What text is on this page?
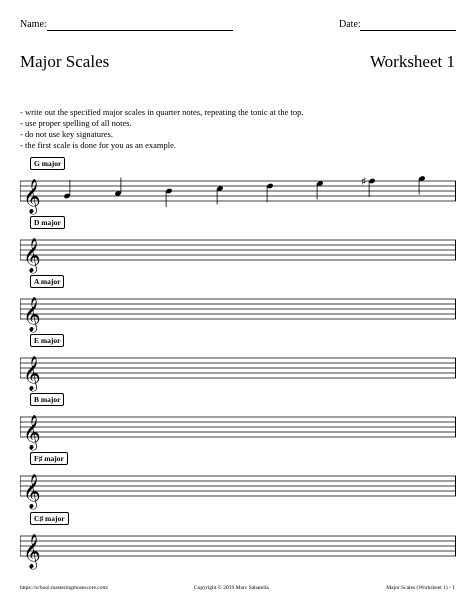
Name:	Date:
Major Scales	Worksheet 1
- write out the specified major scales in quarter notes, repeating the tonic at the top.
- use proper spelling of all notes.
- do not use key signatures.
- the first scale is done for you as an example.
G major
𝄞	♯
D major
𝄞
A major
𝄞
E major
𝄞
B major
𝄞
F♯ major
𝄞
C♯ major
𝄞
https://school.masteringmusescore.com/	Copyright © 2019 Marc Sabatella	Major Scales (Worksheet 1) - 1
